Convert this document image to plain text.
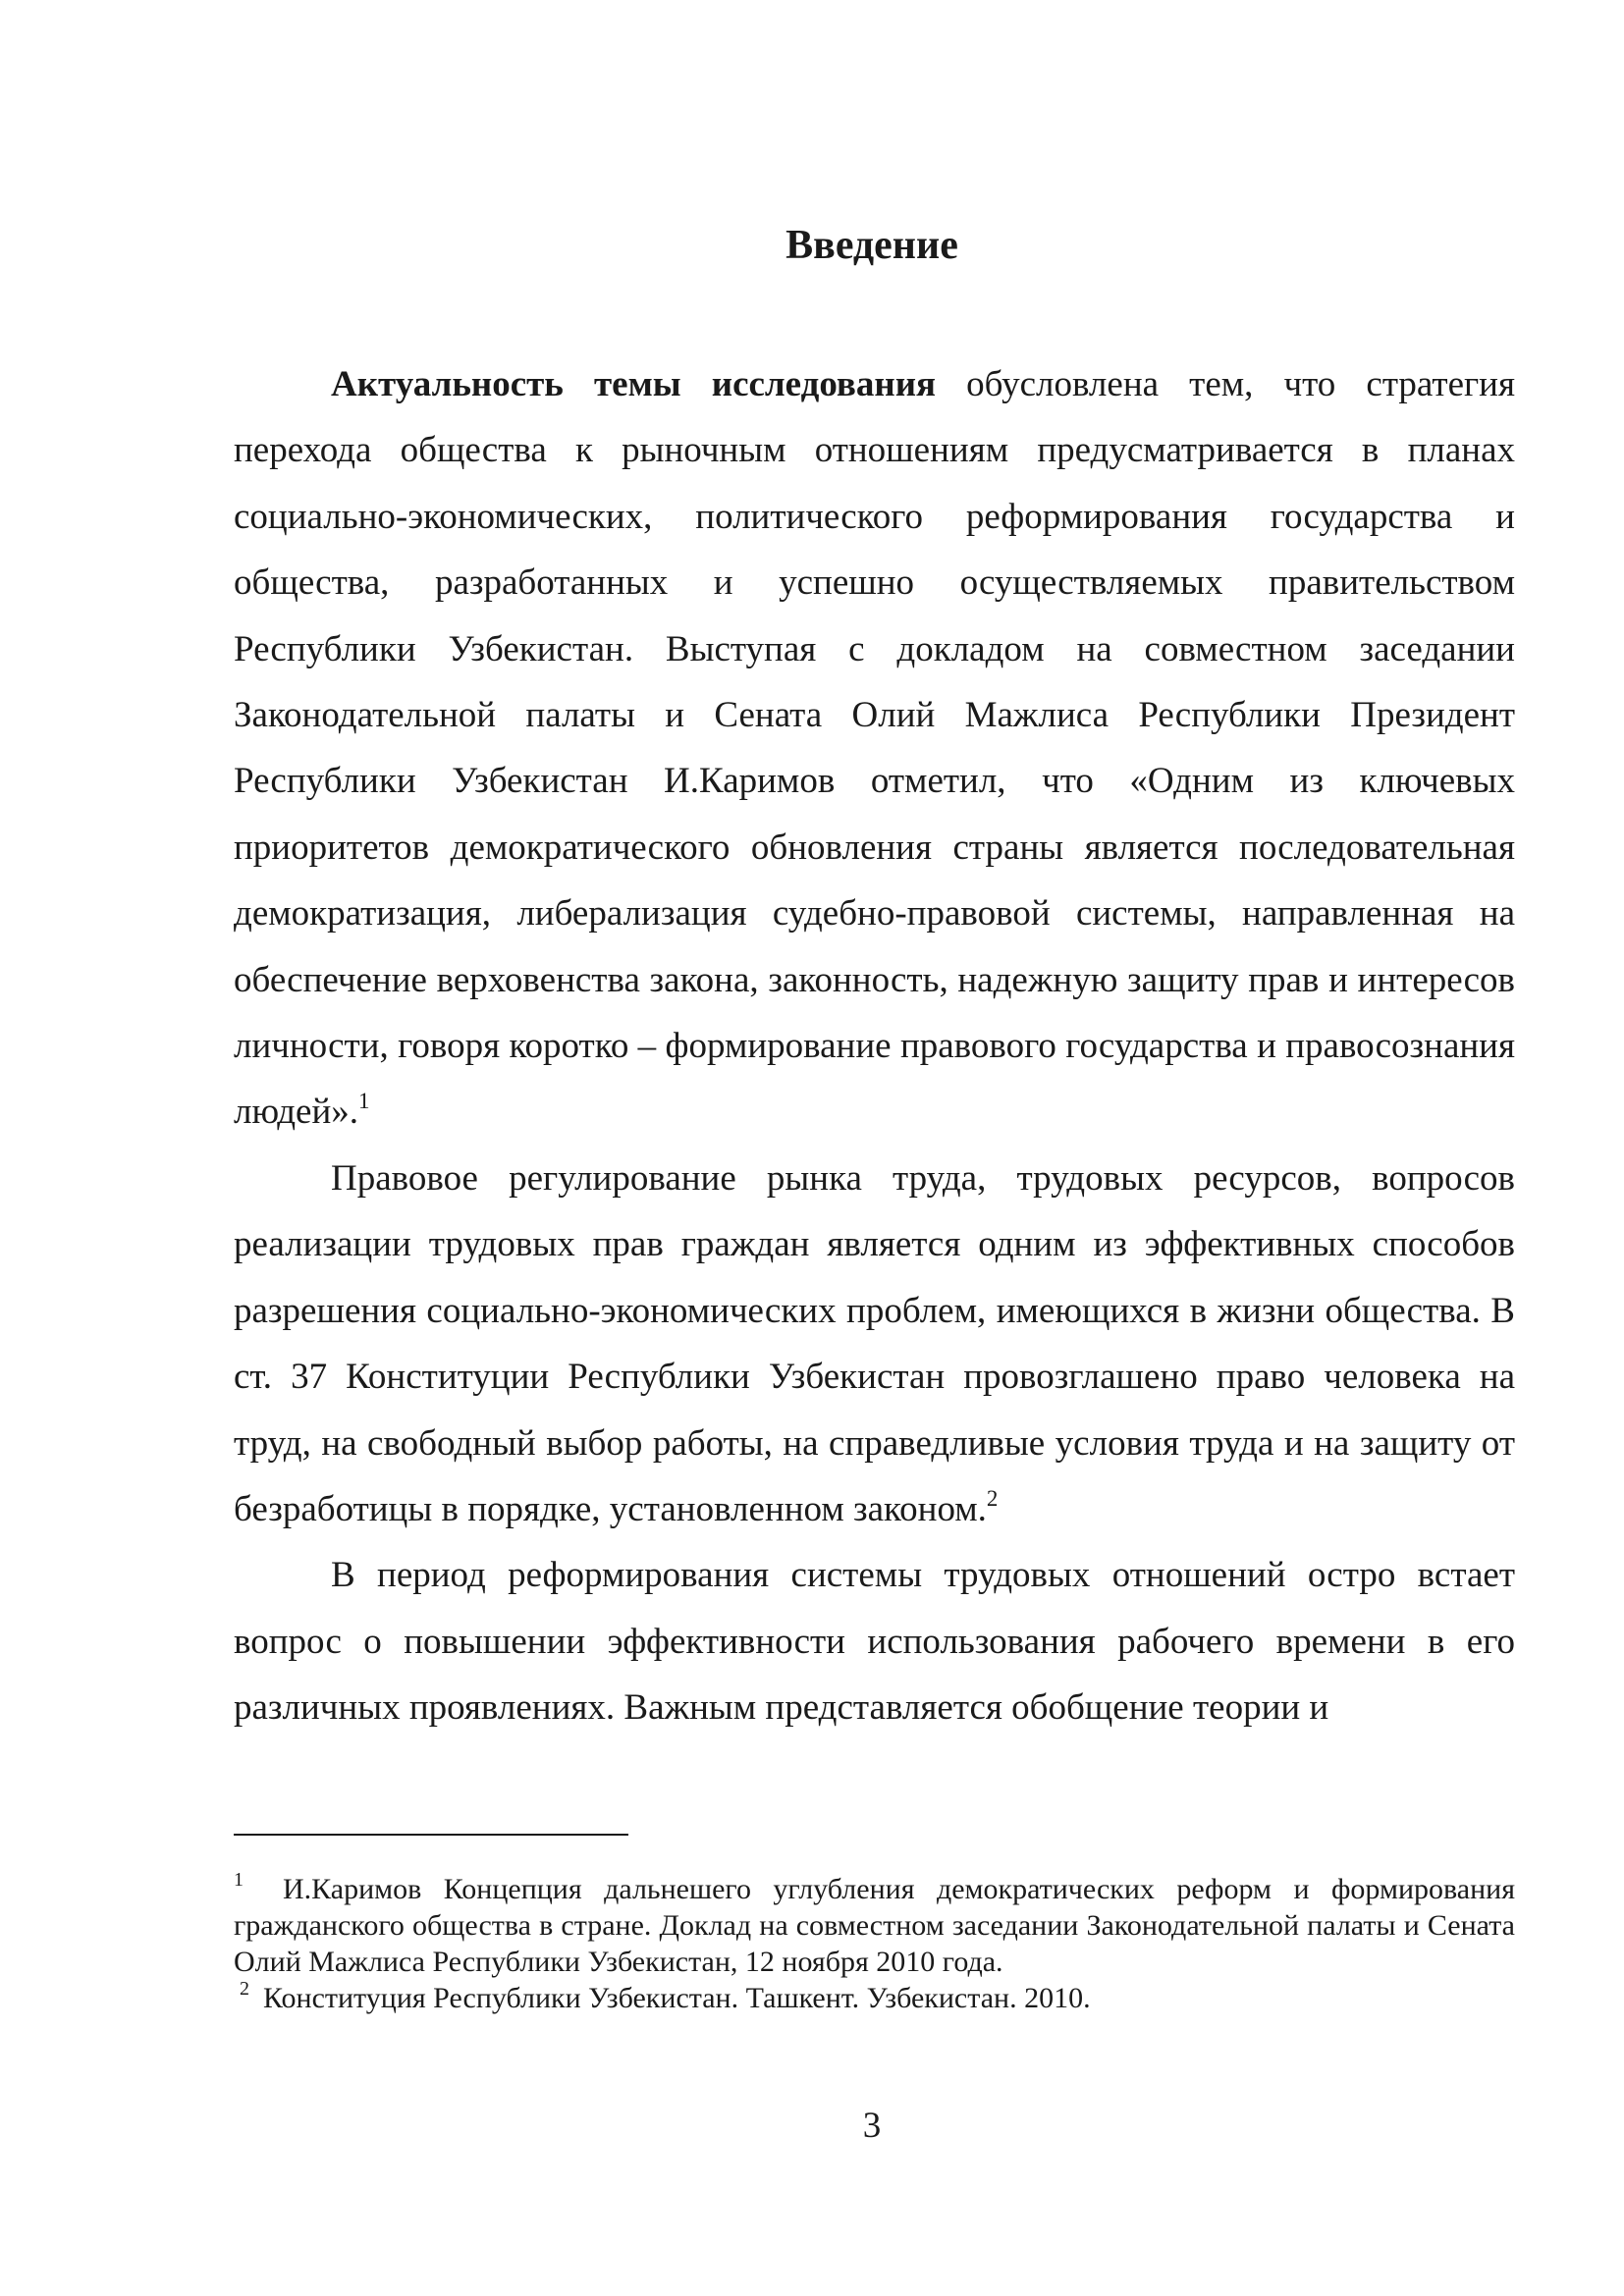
Введение

Актуальность темы исследования обусловлена тем, что стратегия перехода общества к рыночным отношениям предусматривается в планах социально-экономических, политического реформирования государства и общества, разработанных и успешно осуществляемых правительством Республики Узбекистан. Выступая с докладом на совместном заседании Законодательной палаты и Сената Олий Мажлиса Республики Президент Республики Узбекистан И.Каримов отметил, что «Одним из ключевых приоритетов демократического обновления страны является последовательная демократизация, либерализация судебно-правовой системы, направленная на обеспечение верховенства закона, законность, надежную защиту прав и интересов личности, говоря коротко – формирование правового государства и правосознания людей».$^1$

Правовое регулирование рынка труда, трудовых ресурсов, вопросов реализации трудовых прав граждан является одним из эффективных способов разрешения социально-экономических проблем, имеющихся в жизни общества. В ст. 37 Конституции Республики Узбекистан провозглашено право человека на труд, на свободный выбор работы, на справедливые условия труда и на защиту от безработицы в порядке, установленном законом.$^2$

В период реформирования системы трудовых отношений остро встает вопрос о повышении эффективности использования рабочего времени в его различных проявлениях. Важным представляется обобщение теории и

$^1$ И.Каримов Концепция дальнешего углубления демократических реформ и формирования гражданского общества в стране. Доклад на совместном заседании Законодательной палаты и Сената Олий Мажлиса Республики Узбекистан, 12 ноября 2010 года.

$^2$ Конституция Республики Узбекистан. Ташкент. Узбекистан. 2010.

3
